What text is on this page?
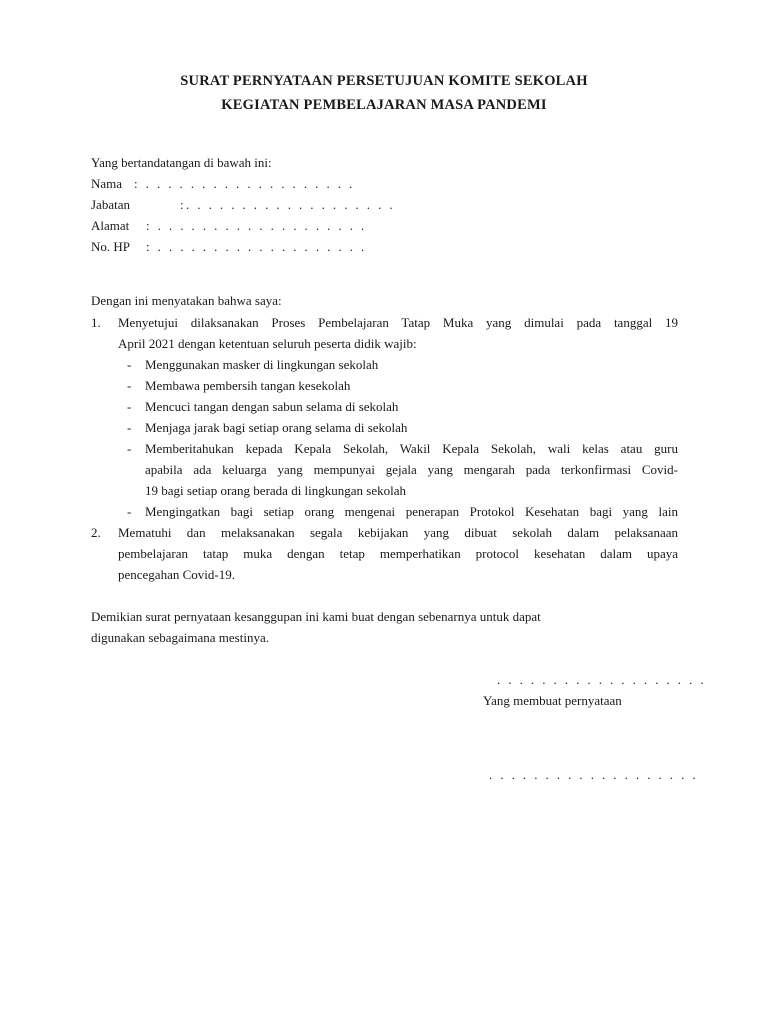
SURAT PERNYATAAN PERSETUJUAN KOMITE SEKOLAH
KEGIATAN PEMBELAJARAN MASA PANDEMI
Yang bertandatangan di bawah ini:
Nama : . . . . . . . . . . . . . . . . . . .
Jabatan	:. . . . . . . . . . . . . . . . . . .
Alamat : . . . . . . . . . . . . . . . . . . .
No. HP : . . . . . . . . . . . . . . . . . . .
Dengan ini menyatakan bahwa saya:
1. Menyetujui dilaksanakan Proses Pembelajaran Tatap Muka yang dimulai pada tanggal 19
April 2021 dengan ketentuan seluruh peserta didik wajib:
- Menggunakan masker di lingkungan sekolah
- Membawa pembersih tangan kesekolah
- Mencuci tangan dengan sabun selama di sekolah
- Menjaga jarak bagi setiap orang selama di sekolah
- Memberitahukan kepada Kepala Sekolah, Wakil Kepala Sekolah, wali kelas atau guru
apabila ada keluarga yang mempunyai gejala yang mengarah pada terkonfirmasi Covid-
19 bagi setiap orang berada di lingkungan sekolah
- Mengingatkan bagi setiap orang mengenai penerapan Protokol Kesehatan bagi yang lain
2. Mematuhi dan melaksanakan segala kebijakan yang dibuat sekolah dalam pelaksanaan
pembelajaran tatap muka dengan tetap memperhatikan protocol kesehatan dalam upaya
pencegahan Covid-19.
Demikian surat pernyataan kesanggupan ini kami buat dengan sebenarnya untuk dapat
digunakan sebagaimana mestinya.
. . . . . . . . . . . . . . . . . . .
Yang membuat pernyataan
. . . . . . . . . . . . . . . . . . .
